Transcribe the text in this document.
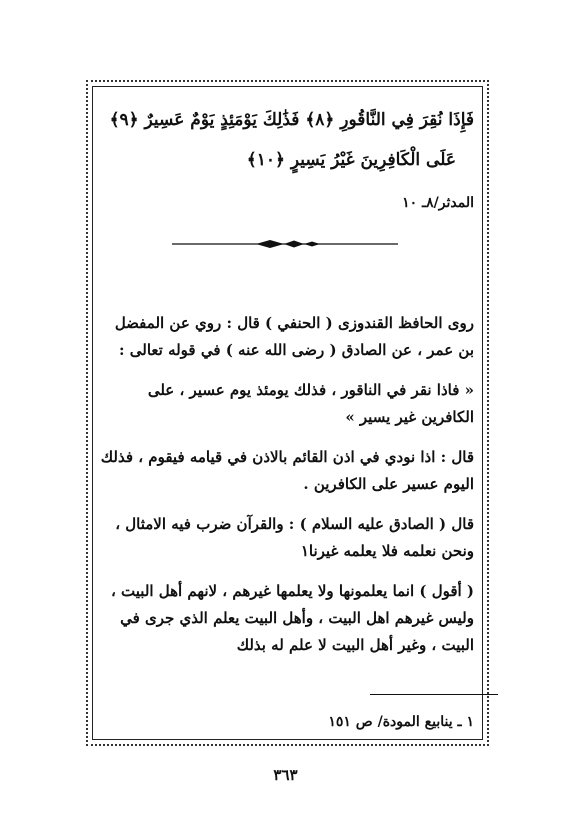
فَإِذَا نُقِرَ فِي النَّاقُورِ ﴿٨﴾ فَذَٰلِكَ يَوْمَئِذٍ يَوْمٌ عَسِيرٌ ﴿٩﴾
عَلَى الْكَافِرِينَ غَيْرُ يَسِيرٍ ﴿١٠﴾
المدثر/٨ـ ١٠

روى الحافظ القندوزى ( الحنفي ) قال : روي عن المفضل بن عمر ، عن الصادق ( رضى الله عنه ) في قوله تعالى :

« فاذا نقر في الناقور ، فذلك يومئذ يوم عسير ، على الكافرين غير يسير »

قال : اذا نودي في اذن القائم بالاذن في قيامه فيقوم ، فذلك اليوم عسير على الكافرين .

قال ( الصادق عليه السلام ) : والقرآن ضرب فيه الامثال ، ونحن نعلمه فلا يعلمه غيرنا١

( أقول ) انما يعلمونها ولا يعلمها غيرهم ، لانهم أهل البيت ، وليس غيرهم اهل البيت ، وأهل البيت يعلم الذي جرى في البيت ، وغير أهل البيت لا علم له بذلك

١ ـ ينابيع المودة/ ص ١٥١
٣٦٣
